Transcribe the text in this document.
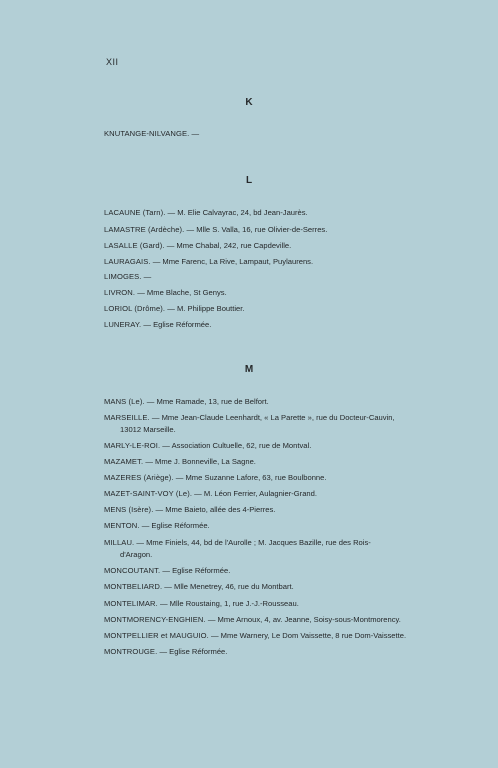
XII
K
KNUTANGE-NILVANGE. —
L
LACAUNE (Tarn). — M. Elie Calvayrac, 24, bd Jean-Jaurès.
LAMASTRE (Ardèche). — Mlle S. Valla, 16, rue Olivier-de-Serres.
LASALLE (Gard). — Mme Chabal, 242, rue Capdeville.
LAURAGAIS. — Mme Farenc, La Rive, Lampaut, Puylaurens.
LIMOGES. —
LIVRON. — Mme Blache, St Genys.
LORIOL (Drôme). — M. Philippe Bouttier.
LUNERAY. — Eglise Réformée.
M
MANS (Le). — Mme Ramade, 13, rue de Belfort.
MARSEILLE. — Mme Jean-Claude Leenhardt, « La Parette », rue du Docteur-Cauvin,
13012 Marseille.
MARLY-LE-ROI. — Association Cultuelle, 62, rue de Montval.
MAZAMET. — Mme J. Bonneville, La Sagne.
MAZERES (Ariège). — Mme Suzanne Lafore, 63, rue Boulbonne.
MAZET-SAINT-VOY (Le). — M. Léon Ferrier, Aulagnier-Grand.
MENS (Isère). — Mme Baieto, allée des 4-Pierres.
MENTON. — Eglise Réformée.
MILLAU. — Mme Finiels, 44, bd de l'Aurolle ; M. Jacques Bazille, rue des Rois-
d'Aragon.
MONCOUTANT. — Eglise Réformée.
MONTBELIARD. — Mlle Menetrey, 46, rue du Montbart.
MONTELIMAR. — Mlle Roustaing, 1, rue J.-J.-Rousseau.
MONTMORENCY-ENGHIEN. — Mme Arnoux, 4, av. Jeanne, Soisy-sous-Montmorency.
MONTPELLIER et MAUGUIO. — Mme Warnery, Le Dom Vaissette, 8 rue Dom-Vaissette.
MONTROUGE. — Eglise Réformée.
